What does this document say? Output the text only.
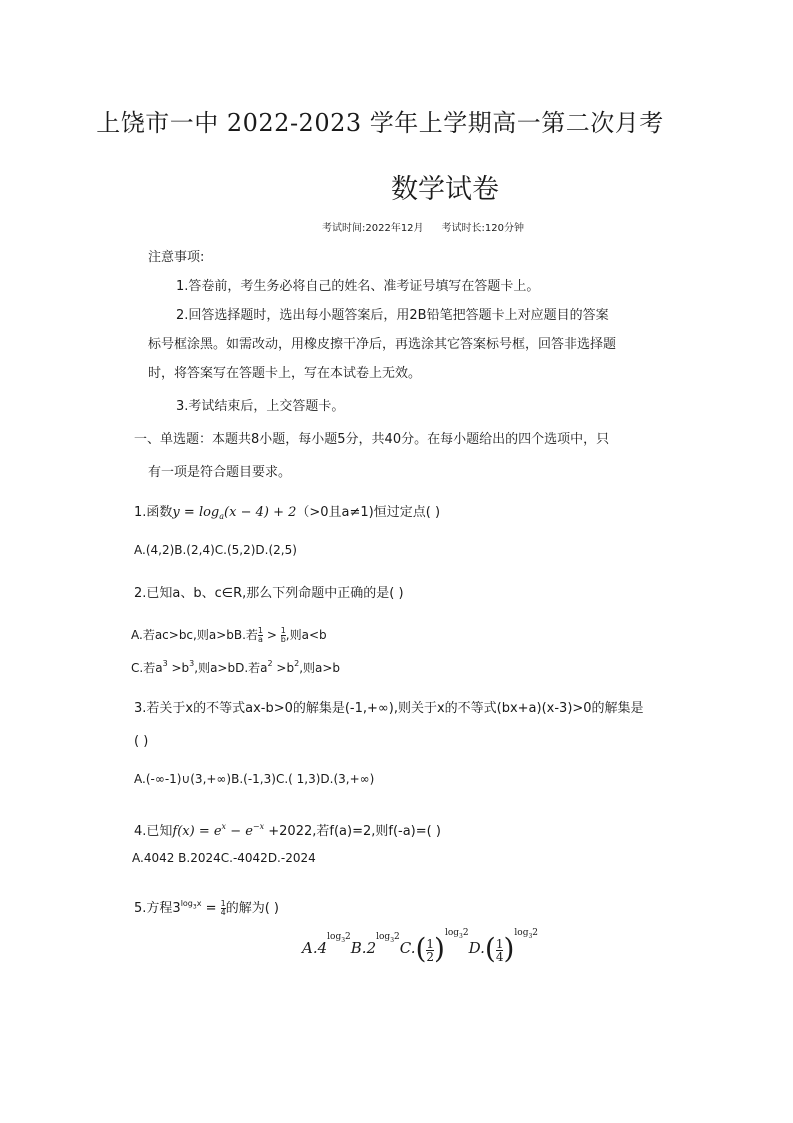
上饶市一中 2022-2023 学年上学期高一第二次月考
数学试卷
考试时间:2022年12月 考试时长:120分钟
注意事项:
1.答卷前，考生务必将自己的姓名、准考证号填写在答题卡上。
2.回答选择题时，选出每小题答案后，用2B铅笔把答题卡上对应题目的答案
标号框涂黑。如需改动，用橡皮擦干净后，再选涂其它答案标号框，回答非选择题
时，将答案写在答题卡上，写在本试卷上无效。
3.考试结束后，上交答题卡。
一、单选题：本题共8小题，每小题5分，共40分。在每小题给出的四个选项中，只
有一项是符合题目要求。
1.函数$y = \log_a(x - 4) + 2(>0$且a≠1)恒过定点( )
A.(4,2)B.(2,4)C.(5,2)D.(2,5)
2.已知a、b、c∈R,那么下列命题中正确的是( )
A.若ac>bc,则a>bB.若 $\frac{1}{a} > \frac{1}{b}$ ,则a<b
C.若$a^3 >b^3$,则a>bD.若$a^2 >b^2$,则a>b
3.若关于x的不等式ax-b>0的解集是(-1,+∞),则关于x的不等式(bx+a)(x-3)>0的解集是
( )
A.(-∞-1)∪(3,+∞)B.(-1,3)C.( 1,3)D.(3,+∞)
4.已知$f(x) = e^x - e^{-x} +2022$,若f(a)=2,则f(-a)=( )
A.4042 B.2024C.-4042D.-2024
5.方程$3^{log_3x} = \frac{1}{4}$ 的解为( )
$A.4^{log_32}B.2^{log_32}C.( \frac{1}{2} )^{log_32}D.( \frac{1}{4} )^{log_32}$
